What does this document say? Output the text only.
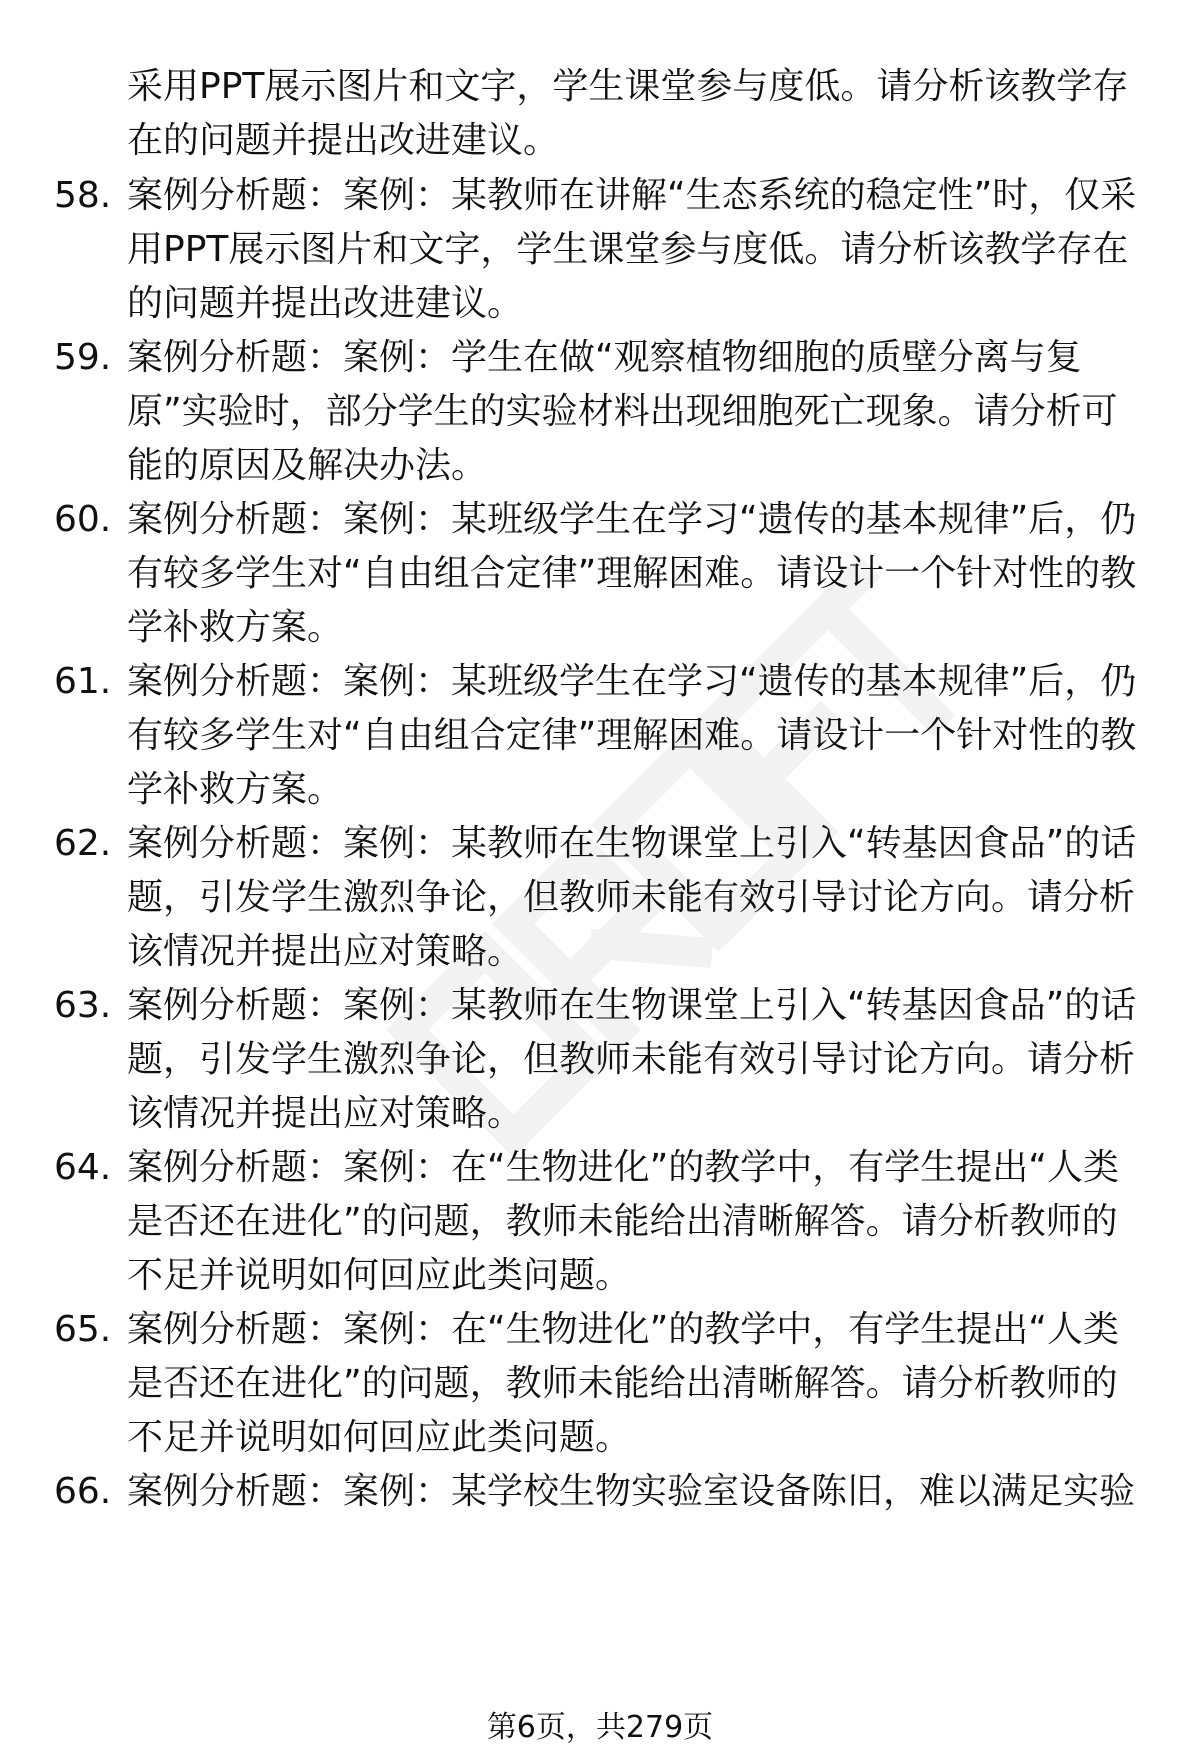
采用PPT展示图片和文字，学生课堂参与度低。请分析该教学存在的问题并提出改进建议。

58. 案例分析题：案例：某教师在讲解“生态系统的稳定性”时，仅采用PPT展示图片和文字，学生课堂参与度低。请分析该教学存在的问题并提出改进建议。

59. 案例分析题：案例：学生在做“观察植物细胞的质壁分离与复原”实验时，部分学生的实验材料出现细胞死亡现象。请分析可能的原因及解决办法。

60. 案例分析题：案例：某班级学生在学习“遗传的基本规律”后，仍有较多学生对“自由组合定律”理解困难。请设计一个针对性的教学补救方案。

61. 案例分析题：案例：某班级学生在学习“遗传的基本规律”后，仍有较多学生对“自由组合定律”理解困难。请设计一个针对性的教学补救方案。

62. 案例分析题：案例：某教师在生物课堂上引入“转基因食品”的话题，引发学生激烈争论，但教师未能有效引导讨论方向。请分析该情况并提出应对策略。

63. 案例分析题：案例：某教师在生物课堂上引入“转基因食品”的话题，引发学生激烈争论，但教师未能有效引导讨论方向。请分析该情况并提出应对策略。

64. 案例分析题：案例：在“生物进化”的教学中，有学生提出“人类是否还在进化”的问题，教师未能给出清晰解答。请分析教师的不足并说明如何回应此类问题。

65. 案例分析题：案例：在“生物进化”的教学中，有学生提出“人类是否还在进化”的问题，教师未能给出清晰解答。请分析教师的不足并说明如何回应此类问题。

66. 案例分析题：案例：某学校生物实验室设备陈旧，难以满足实验

第6页，共279页
